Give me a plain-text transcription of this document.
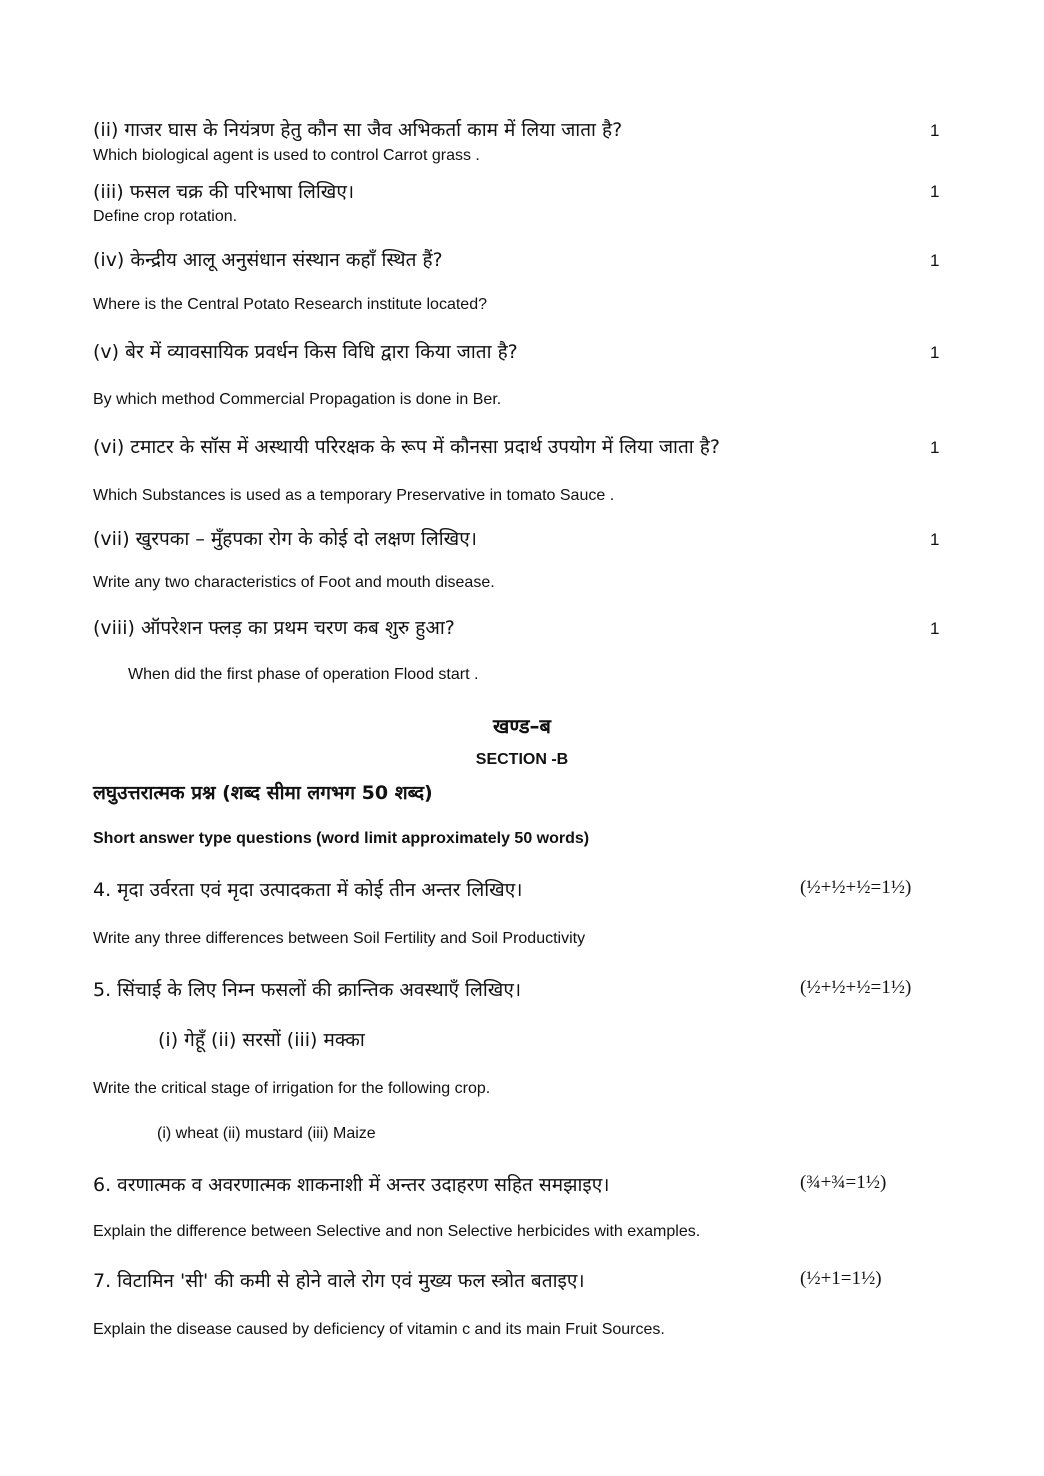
(ii) गाजर घास के नियंत्रण हेतु कौन सा जैव अभिकर्ता काम में लिया जाता है?
Which biological agent is used to control Carrot grass .
1
(iii) फसल चक्र की परिभाषा लिखिए।
Define crop rotation.
1
(iv) केन्द्रीय आलू अनुसंधान संस्थान कहाँ स्थित हैं?
Where is the Central Potato Research institute located?
1
(v) बेर में व्यावसायिक प्रवर्धन किस विधि द्वारा किया जाता है?
By which method Commercial Propagation is done in Ber.
1
(vi) टमाटर के सॉस में अस्थायी परिरक्षक के रूप में कौनसा प्रदार्थ उपयोग में लिया जाता है?
Which Substances is used as a temporary Preservative in tomato Sauce .
1
(vii) खुरपका – मुँहपका रोग के कोई दो लक्षण लिखिए।
Write any two characteristics of Foot and mouth disease.
1
(viii) ऑपरेशन फ्लड़ का प्रथम चरण कब शुरु हुआ?
When did the first phase of operation Flood start .
1
खण्ड–ब
SECTION -B
लघुउत्तरात्मक प्रश्न (शब्द सीमा लगभग 50 शब्द)
Short answer type questions (word limit approximately 50 words)
4. मृदा उर्वरता एवं मृदा उत्पादकता में कोई तीन अन्तर लिखिए।
Write any three differences between Soil Fertility and Soil Productivity
(½+½+½=1½)
5. सिंचाई के लिए निम्न फसलों की क्रान्तिक अवस्थाएँ लिखिए।
(i) गेहूँ (ii) सरसों (iii) मक्का
Write the critical stage of irrigation for the following crop.
(i) wheat (ii) mustard (iii) Maize
(½+½+½=1½)
6. वरणात्मक व अवरणात्मक शाकनाशी में अन्तर उदाहरण सहित समझाइए।
Explain the difference between Selective and non Selective herbicides with examples.
(¾+¾=1½)
7. विटामिन 'सी' की कमी से होने वाले रोग एवं मुख्य फल स्त्रोत बताइए।
Explain the disease caused by deficiency of vitamin c and its main Fruit Sources.
(½+1=1½)
